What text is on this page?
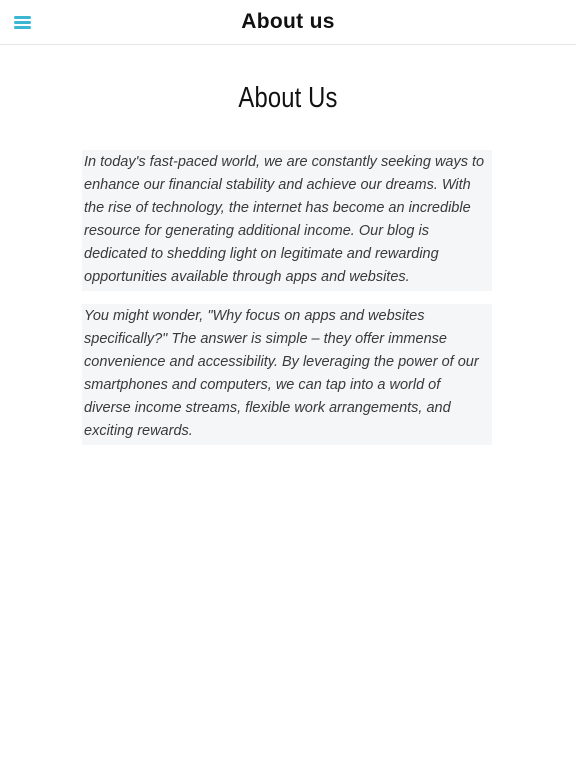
About us
About Us

In today's fast-paced world, we are constantly seeking ways to enhance our financial stability and achieve our dreams. With the rise of technology, the internet has become an incredible resource for generating additional income. Our blog is dedicated to shedding light on legitimate and rewarding opportunities available through apps and websites.

You might wonder, "Why focus on apps and websites specifically?" The answer is simple – they offer immense convenience and accessibility. By leveraging the power of our smartphones and computers, we can tap into a world of diverse income streams, flexible work arrangements, and exciting rewards.
